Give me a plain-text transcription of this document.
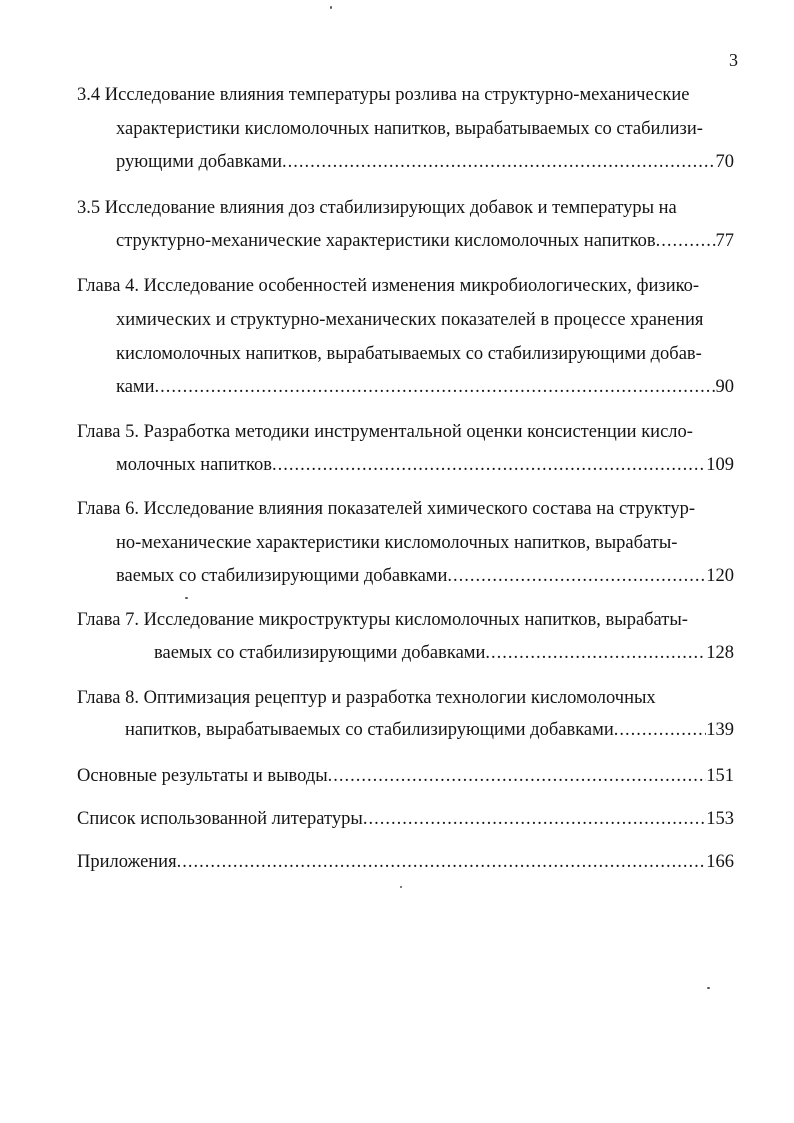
3
3.4 Исследование влияния температуры розлива на структурно-механические
характеристики кисломолочных напитков, вырабатываемых со стабилизи-
рующими добавками .....	70
3.5 Исследование влияния доз стабилизирующих добавок и температуры на
структурно-механические характеристики кисломолочных напитков .....	77
Глава 4. Исследование особенностей изменения микробиологических, физико-
химических и структурно-механических показателей в процессе хранения
кисломолочных напитков, вырабатываемых со стабилизирующими добав-
ками .....	90
Глава 5. Разработка методики инструментальной оценки консистенции кисло-
молочных напитков .....	109
Глава 6. Исследование влияния показателей химического состава на структур-
но-механические характеристики кисломолочных напитков, вырабаты-
ваемых со стабилизирующими добавками .....	120
Глава 7. Исследование микроструктуры кисломолочных напитков, вырабаты-
ваемых со стабилизирующими добавками .....	128
Глава 8. Оптимизация рецептур и разработка технологии кисломолочных
напитков, вырабатываемых со стабилизирующими добавками .....	139
Основные результаты и выводы .....	151
Список использованной литературы .....	153
Приложения .....	166
